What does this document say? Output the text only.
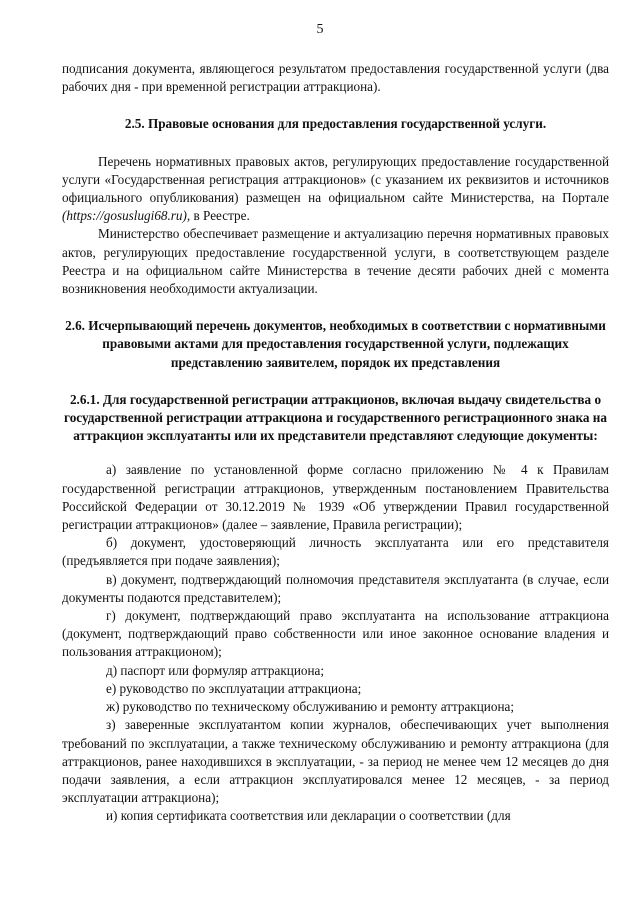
5

подписания документа, являющегося результатом предоставления государственной услуги (два рабочих дня - при временной регистрации аттракциона).

2.5. Правовые основания для предоставления государственной услуги.

Перечень нормативных правовых актов, регулирующих предоставление государственной услуги «Государственная регистрация аттракционов» (с указанием их реквизитов и источников официального опубликования) размещен на официальном сайте Министерства, на Портале (https://gosuslugi68.ru), в Реестре.

Министерство обеспечивает размещение и актуализацию перечня нормативных правовых актов, регулирующих предоставление государственной услуги, в соответствующем разделе Реестра и на официальном сайте Министерства в течение десяти рабочих дней с момента возникновения необходимости актуализации.

2.6. Исчерпывающий перечень документов, необходимых в соответствии с нормативными правовыми актами для предоставления государственной услуги, подлежащих представлению заявителем, порядок их представления

2.6.1. Для государственной регистрации аттракционов, включая выдачу свидетельства о государственной регистрации аттракциона и государственного регистрационного знака на аттракцион эксплуатанты или их представители представляют следующие документы:

а) заявление по установленной форме согласно приложению № 4 к Правилам государственной регистрации аттракционов, утвержденным постановлением Правительства Российской Федерации от 30.12.2019 № 1939 «Об утверждении Правил государственной регистрации аттракционов» (далее – заявление, Правила регистрации);

б) документ, удостоверяющий личность эксплуатанта или его представителя (предъявляется при подаче заявления);

в) документ, подтверждающий полномочия представителя эксплуатанта (в случае, если документы подаются представителем);

г) документ, подтверждающий право эксплуатанта на использование аттракциона (документ, подтверждающий право собственности или иное законное основание владения и пользования аттракционом);

д) паспорт или формуляр аттракциона;

е) руководство по эксплуатации аттракциона;

ж) руководство по техническому обслуживанию и ремонту аттракциона;

з) заверенные эксплуатантом копии журналов, обеспечивающих учет выполнения требований по эксплуатации, а также техническому обслуживанию и ремонту аттракциона (для аттракционов, ранее находившихся в эксплуатации, - за период не менее чем 12 месяцев до дня подачи заявления, а если аттракцион эксплуатировался менее 12 месяцев, - за период эксплуатации аттракциона);

и) копия сертификата соответствия или декларации о соответствии (для
